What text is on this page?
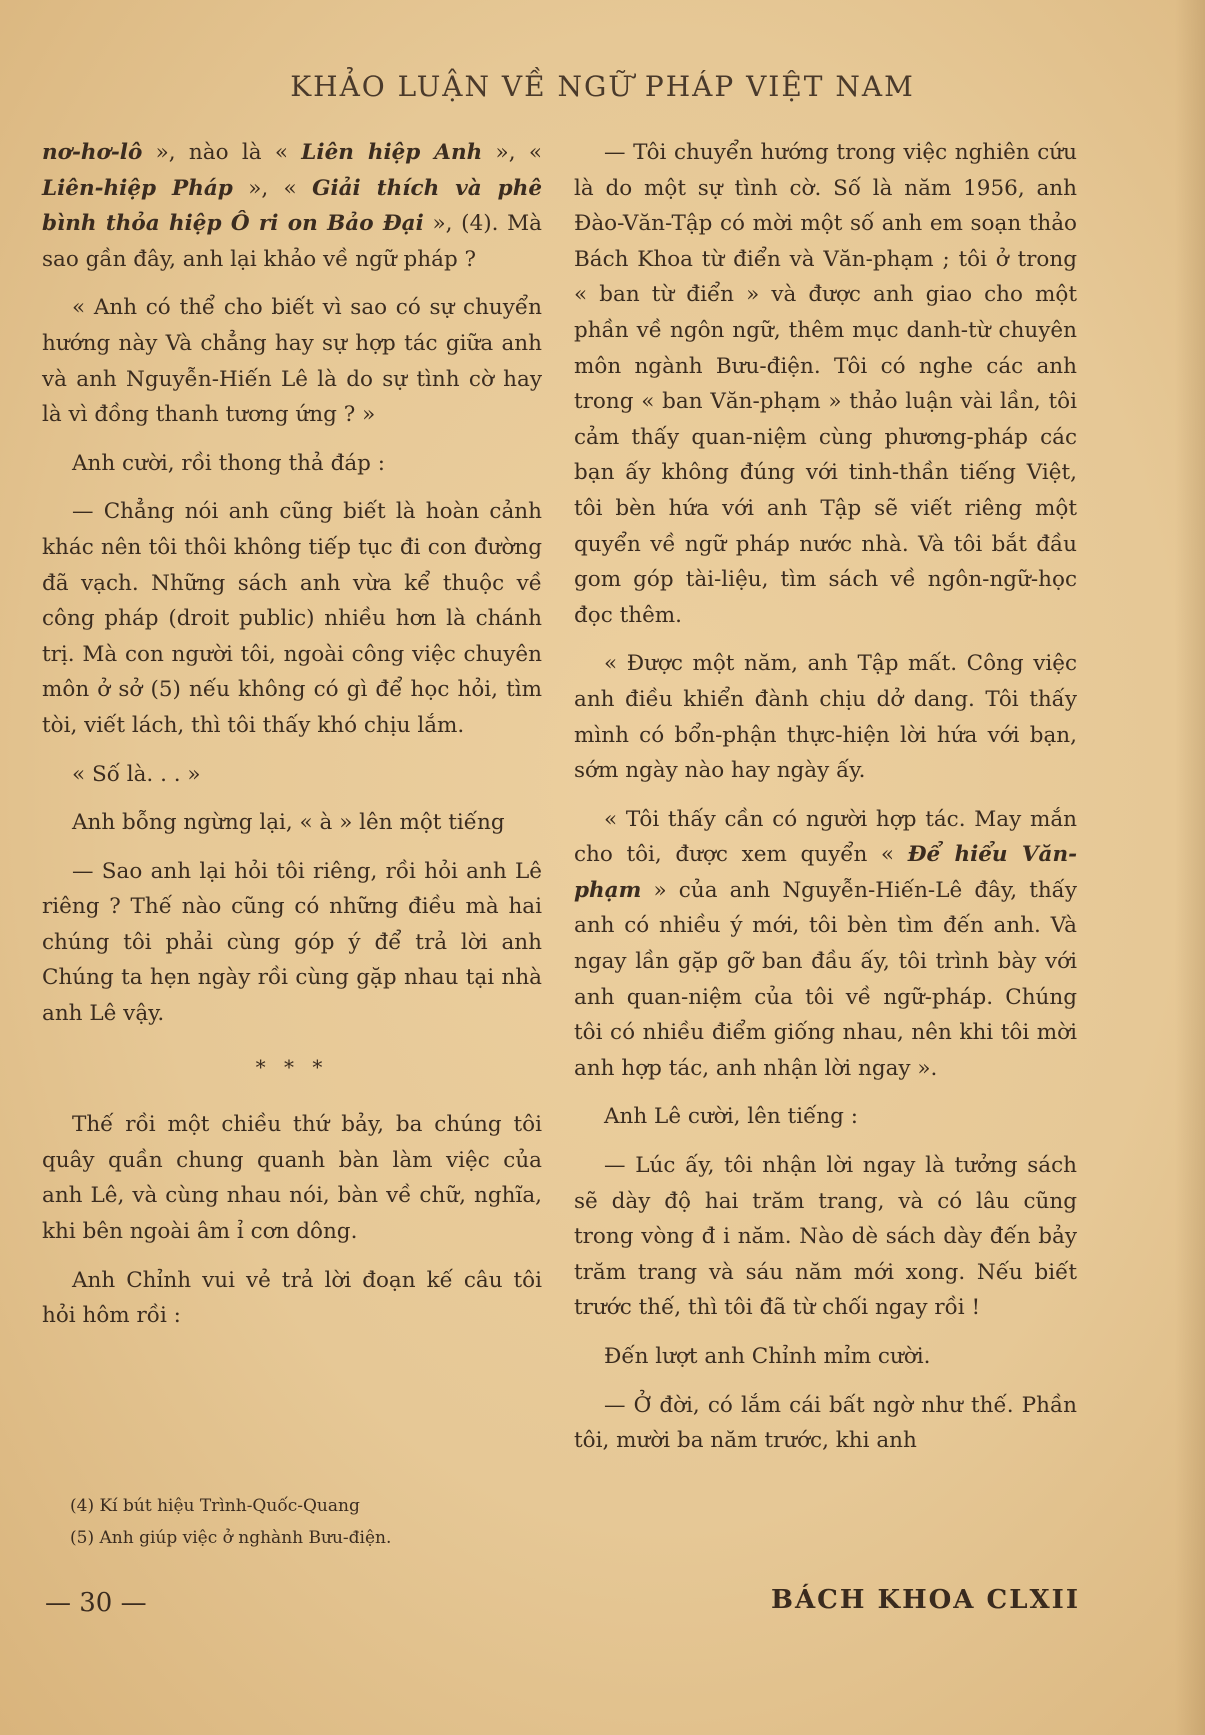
KHẢO LUẬN VỀ NGỮ PHÁP VIỆT NAM

nơ-hơ-lô », nào là « Liên hiệp Anh », « Liên-hiệp Pháp », « Giải thích và phê bình thỏa hiệp Ô ri on Bảo Đại », (4). Mà sao gần đây, anh lại khảo về ngữ pháp ?

« Anh có thể cho biết vì sao có sự chuyển hướng này Và chẳng hay sự hợp tác giữa anh và anh Nguyễn-Hiến Lê là do sự tình cờ hay là vì đồng thanh tương ứng ? »

Anh cười, rồi thong thả đáp :

— Chẳng nói anh cũng biết là hoàn cảnh khác nên tôi thôi không tiếp tục đi con đường đã vạch. Những sách anh vừa kể thuộc về công pháp (droit public) nhiều hơn là chánh trị. Mà con người tôi, ngoài công việc chuyên môn ở sở (5) nếu không có gì để học hỏi, tìm tòi, viết lách, thì tôi thấy khó chịu lắm.

« Số là. . . »

Anh bỗng ngừng lại, « à » lên một tiếng

— Sao anh lại hỏi tôi riêng, rồi hỏi anh Lê riêng ? Thế nào cũng có những điều mà hai chúng tôi phải cùng góp ý để trả lời anh Chúng ta hẹn ngày rồi cùng gặp nhau tại nhà anh Lê vậy.

* * *

Thế rồi một chiều thứ bảy, ba chúng tôi quây quần chung quanh bàn làm việc của anh Lê, và cùng nhau nói, bàn về chữ, nghĩa, khi bên ngoài âm ỉ cơn dông.

Anh Chỉnh vui vẻ trả lời đoạn kế câu tôi hỏi hôm rồi :

(4) Kí bút hiệu Trình-Quốc-Quang
(5) Anh giúp việc ở nghành Bưu-điện.

— Tôi chuyển hướng trong việc nghiên cứu là do một sự tình cờ. Số là năm 1956, anh Đào-Văn-Tập có mời một số anh em soạn thảo Bách Khoa từ điển và Văn-phạm ; tôi ở trong « ban từ điển » và được anh giao cho một phần về ngôn ngữ, thêm mục danh-từ chuyên môn ngành Bưu-điện. Tôi có nghe các anh trong « ban Văn-phạm » thảo luận vài lần, tôi cảm thấy quan-niệm cùng phương-pháp các bạn ấy không đúng với tinh-thần tiếng Việt, tôi bèn hứa với anh Tập sẽ viết riêng một quyển về ngữ pháp nước nhà. Và tôi bắt đầu gom góp tài-liệu, tìm sách về ngôn-ngữ-học đọc thêm.

« Được một năm, anh Tập mất. Công việc anh điều khiển đành chịu dở dang. Tôi thấy mình có bổn-phận thực-hiện lời hứa với bạn, sớm ngày nào hay ngày ấy.

« Tôi thấy cần có người hợp tác. May mắn cho tôi, được xem quyển « Để hiểu Văn-phạm » của anh Nguyễn-Hiến-Lê đây, thấy anh có nhiều ý mới, tôi bèn tìm đến anh. Và ngay lần gặp gỡ ban đầu ấy, tôi trình bày với anh quan-niệm của tôi về ngữ-pháp. Chúng tôi có nhiều điểm giống nhau, nên khi tôi mời anh hợp tác, anh nhận lời ngay ».

Anh Lê cười, lên tiếng :

— Lúc ấy, tôi nhận lời ngay là tưởng sách sẽ dày độ hai trăm trang, và có lâu cũng trong vòng đ i năm. Nào dè sách dày đến bảy trăm trang và sáu năm mới xong. Nếu biết trước thế, thì tôi đã từ chối ngay rồi !

Đến lượt anh Chỉnh mỉm cười.

— Ở đời, có lắm cái bất ngờ như thế. Phần tôi, mười ba năm trước, khi anh

— 30 —	BÁCH KHOA CLXII
